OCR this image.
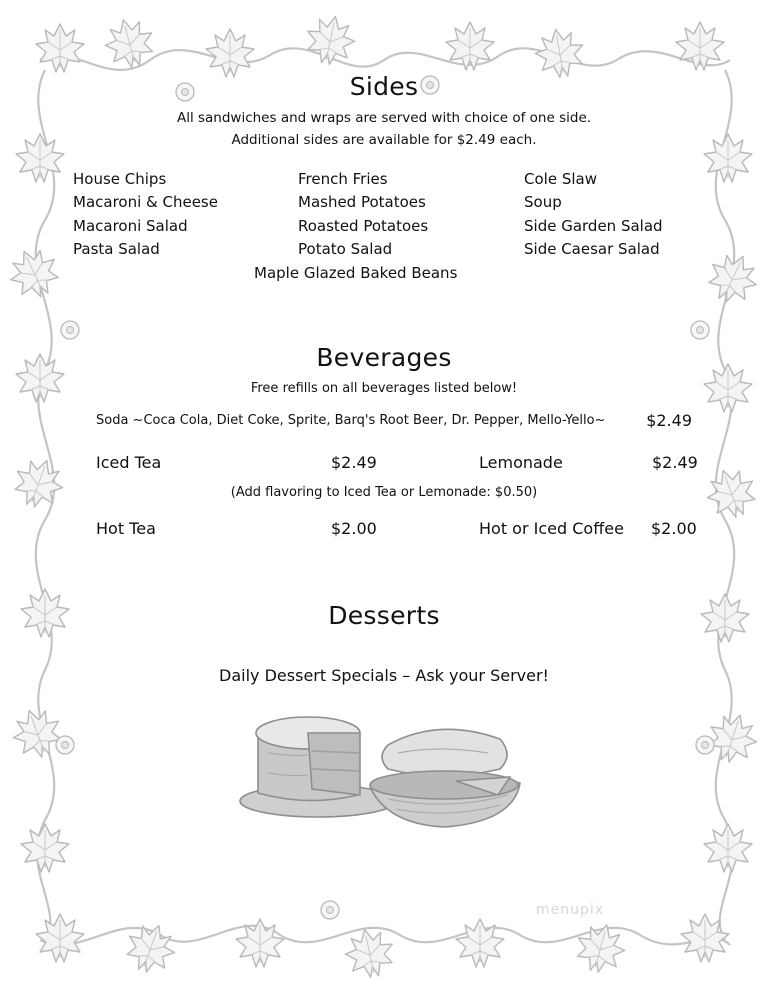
Sides
All sandwiches and wraps are served with choice of one side.
Additional sides are available for $2.49 each.
House Chips
Macaroni & Cheese
Macaroni Salad
Pasta Salad
French Fries
Mashed Potatoes
Roasted Potatoes
Potato Salad
Cole Slaw
Soup
Side Garden Salad
Side Caesar Salad
Maple Glazed Baked Beans
Beverages
Free refills on all beverages listed below!
Soda ~Coca Cola, Diet Coke, Sprite, Barq's Root Beer, Dr. Pepper, Mello-Yello~	$2.49
Iced Tea	$2.49	Lemonade	$2.49
(Add flavoring to Iced Tea or Lemonade: $0.50)
Hot Tea	$2.00	Hot or Iced Coffee $2.00
Desserts
Daily Dessert Specials – Ask your Server!
menupix
